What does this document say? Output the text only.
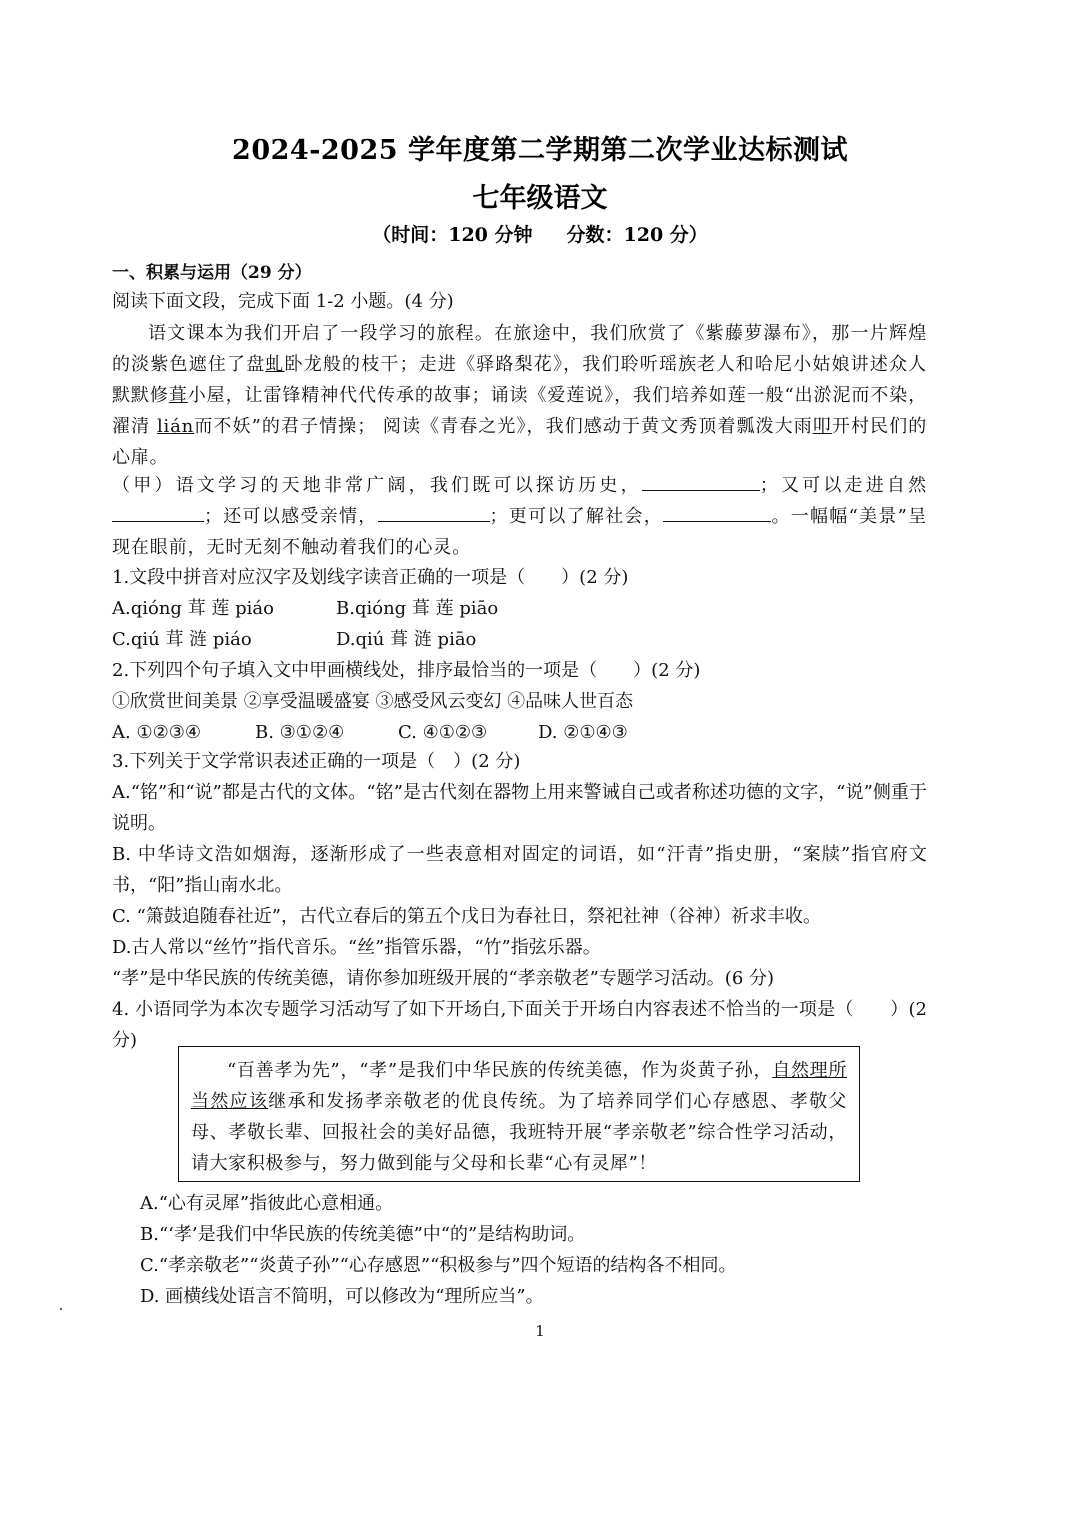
2024-2025 学年度第二学期第二次学业达标测试
七年级语文
（时间：120 分钟 分数：120 分）
一、积累与运用（29 分）
阅读下面文段，完成下面 1-2 小题。(4 分)
语文课本为我们开启了一段学习的旅程。在旅途中，我们欣赏了《紫藤萝瀑布》，那一片辉煌的淡紫色遮住了盘虬卧龙般的枝干；走进《驿路梨花》，我们聆听瑶族老人和哈尼小姑娘讲述众人默默修葺小屋，让雷锋精神代代传承的故事；诵读《爱莲说》，我们培养如莲一般“出淤泥而不染，濯清 lián而不妖”的君子情操； 阅读《青春之光》，我们感动于黄文秀顶着瓢泼大雨叩开村民们的心扉。
（甲）语文学习的天地非常广阔，我们既可以探访历史，	；又可以走进自然；还可以感受亲情，	；更可以了解社会，	。一幅幅“美景”呈现在眼前，无时无刻不触动着我们的心灵。
1.文段中拼音对应汉字及划线字读音正确的一项是（　　）(2 分)
A.qióng 茸 莲 piáo	B.qióng 葺 莲 piāo
C.qiú 茸 涟 piáo	D.qiú 葺 涟 piāo
2.下列四个句子填入文中甲画横线处，排序最恰当的一项是（　　）(2 分)
①欣赏世间美景 ②享受温暖盛宴 ③感受风云变幻 ④品味人世百态
A. ①②③④	B. ③①②④	C. ④①②③	D. ②①④③
3.下列关于文学常识表述正确的一项是（　）(2 分)
A.“铭”和“说”都是古代的文体。“铭”是古代刻在器物上用来警诫自己或者称述功德的文字，“说”侧重于说明。
B. 中华诗文浩如烟海，逐渐形成了一些表意相对固定的词语，如“汗青”指史册，“案牍”指官府文书，“阳”指山南水北。
C. “箫鼓追随春社近”，古代立春后的第五个戊日为春社日，祭祀社神（谷神）祈求丰收。
D.古人常以“丝竹”指代音乐。“丝”指管乐器，“竹”指弦乐器。
“孝”是中华民族的传统美德，请你参加班级开展的“孝亲敬老”专题学习活动。(6 分)
4. 小语同学为本次专题学习活动写了如下开场白,下面关于开场白内容表述不恰当的一项是（　　）(2 分)
“百善孝为先”，“孝”是我们中华民族的传统美德，作为炎黄子孙，自然理所当然应该继承和发扬孝亲敬老的优良传统。为了培养同学们心存感恩、孝敬父母、孝敬长辈、回报社会的美好品德，我班特开展“孝亲敬老”综合性学习活动，请大家积极参与，努力做到能与父母和长辈“心有灵犀”！
A.“心有灵犀”指彼此心意相通。
B.“‘孝’是我们中华民族的传统美德”中“的”是结构助词。
C.“孝亲敬老”“炎黄子孙”“心存感恩”“积极参与”四个短语的结构各不相同。
D. 画横线处语言不简明，可以修改为“理所应当”。
1
